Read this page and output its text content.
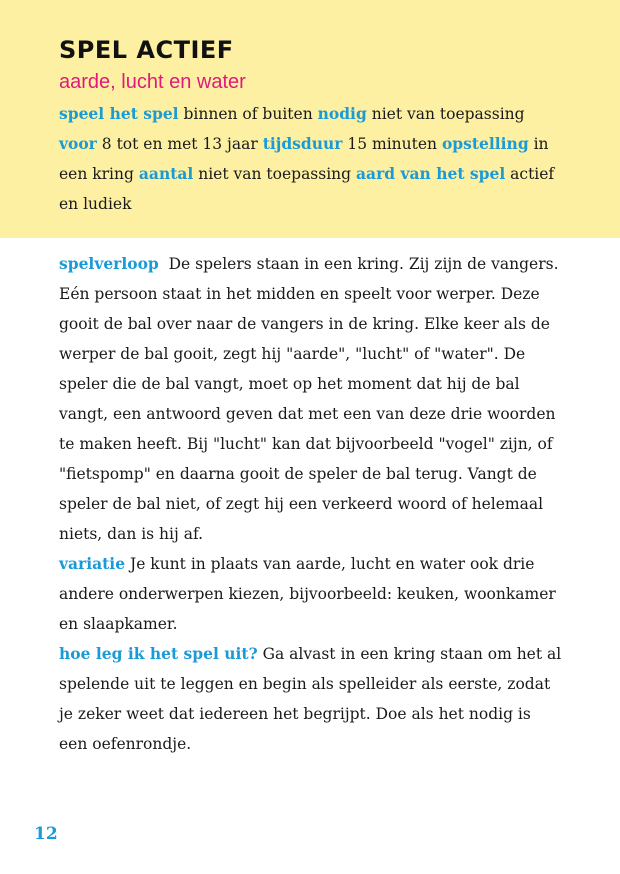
SPEL ACTIEF
aarde, lucht en water

speel het spel binnen of buiten nodig niet van toepassing
voor 8 tot en met 13 jaar tijdsduur 15 minuten opstelling in een kring aantal niet van toepassing aard van het spel actief en ludiek

spelverloop  De spelers staan in een kring. Zij zijn de vangers. Eén persoon staat in het midden en speelt voor werper. Deze gooit de bal over naar de vangers in de kring. Elke keer als de werper de bal gooit, zegt hij "aarde", "lucht" of "water". De speler die de bal vangt, moet op het moment dat hij de bal vangt, een antwoord geven dat met een van deze drie woorden te maken heeft. Bij "lucht" kan dat bijvoorbeeld "vogel" zijn, of "fietspomp" en daarna gooit de speler de bal terug. Vangt de speler de bal niet, of zegt hij een verkeerd woord of helemaal niets, dan is hij af.
variatie Je kunt in plaats van aarde, lucht en water ook drie andere onderwerpen kiezen, bijvoorbeeld: keuken, woonkamer en slaapkamer.
hoe leg ik het spel uit? Ga alvast in een kring staan om het al spelende uit te leggen en begin als spelleider als eerste, zodat je zeker weet dat iedereen het begrijpt. Doe als het nodig is een oefenrondje.
12
